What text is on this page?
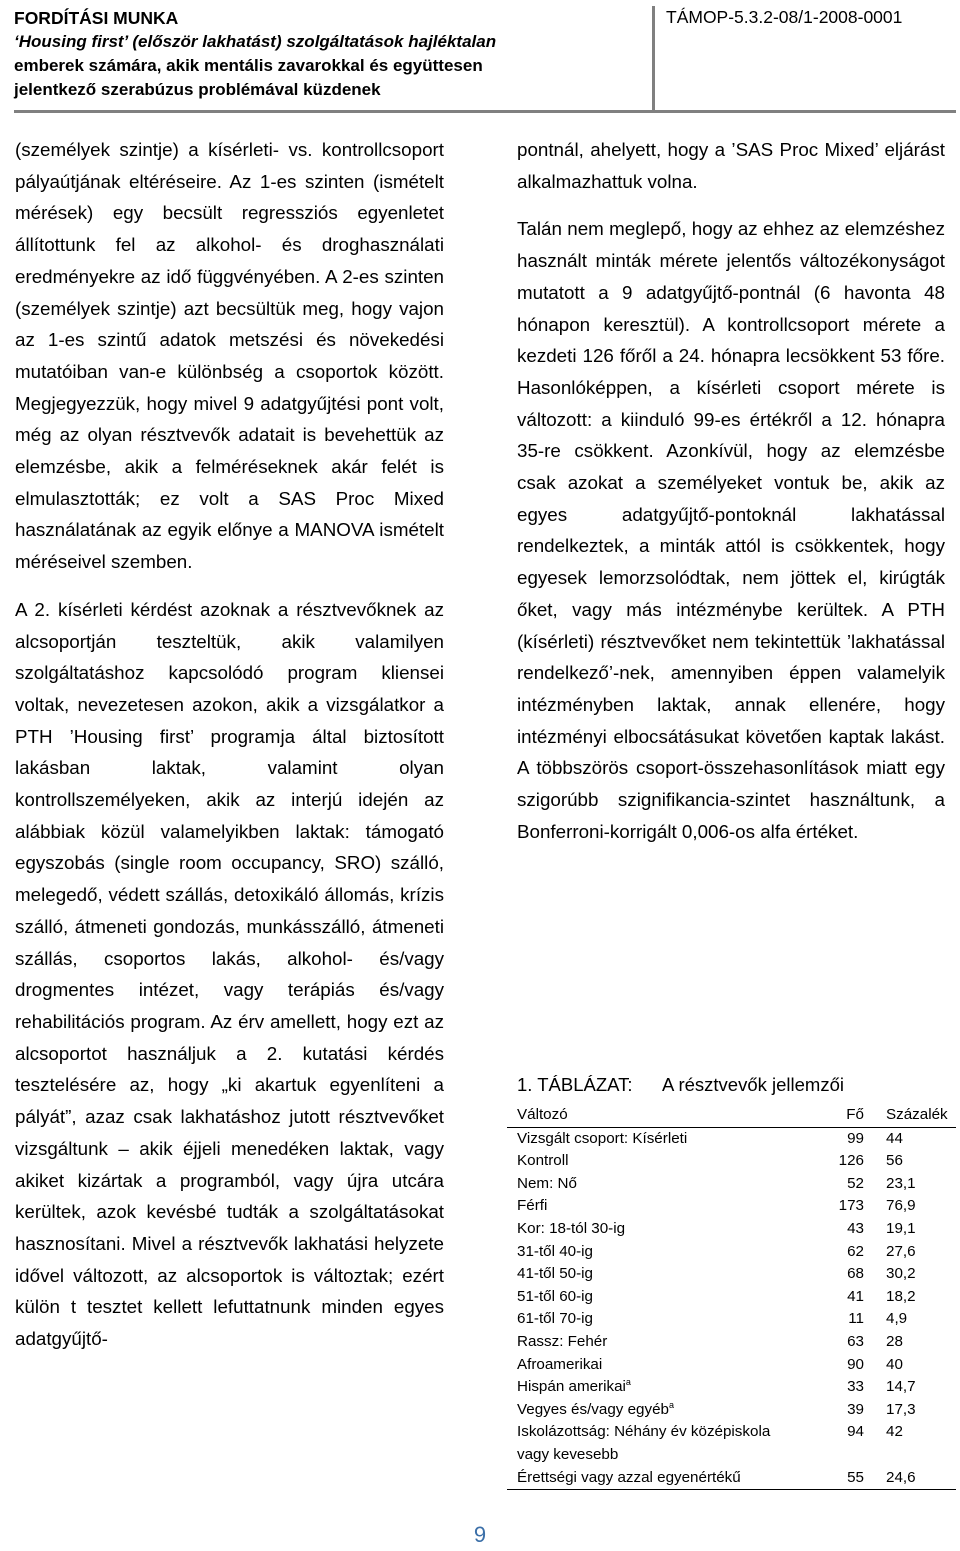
FORDÍTÁSI MUNKA
‘Housing first’ (először lakhatást) szolgáltatások hajléktalan
emberek számára, akik mentális zavarokkal és együttesen
jelentkező szerabúzus problémával küzdenek
TÁMOP-5.3.2-08/1-2008-0001

(személyek szintje) a kísérleti- vs. kontrollcsoport pályaútjának eltéréseire. Az 1-es szinten (ismételt mérések) egy becsült regressziós egyenletet állítottunk fel az alkohol- és droghasználati eredményekre az idő függvényében. A 2-es szinten (személyek szintje) azt becsültük meg, hogy vajon az 1-es szintű adatok metszési és növekedési mutatóiban van-e különbség a csoportok között. Megjegyezzük, hogy mivel 9 adatgyűjtési pont volt, még az olyan résztvevők adatait is bevehettük az elemzésbe, akik a felméréseknek akár felét is elmulasztották; ez volt a SAS Proc Mixed használatának az egyik előnye a MANOVA ismételt méréseivel szemben.

A 2. kísérleti kérdést azoknak a résztvevőknek az alcsoportján teszteltük, akik valamilyen szolgáltatáshoz kapcsolódó program kliensei voltak, nevezetesen azokon, akik a vizsgálatkor a PTH ’Housing first’ programja által biztosított lakásban laktak, valamint olyan kontrollszemélyeken, akik az interjú idején az alábbiak közül valamelyikben laktak: támogató egyszobás (single room occupancy, SRO) szálló, melegedő, védett szállás, detoxikáló állomás, krízis szálló, átmeneti gondozás, munkásszálló, átmeneti szállás, csoportos lakás, alkohol- és/vagy drogmentes intézet, vagy terápiás és/vagy rehabilitációs program. Az érv amellett, hogy ezt az alcsoportot használjuk a 2. kutatási kérdés tesztelésére az, hogy „ki akartuk egyenlíteni a pályát”, azaz csak lakhatáshoz jutott résztvevőket vizsgáltunk – akik éjjeli menedéken laktak, vagy akiket kizártak a programból, vagy újra utcára kerültek, azok kevésbé tudták a szolgáltatásokat hasznosítani. Mivel a résztvevők lakhatási helyzete idővel változott, az alcsoportok is változtak; ezért külön t tesztet kellett lefuttatnunk minden egyes adatgyűjtő-

pontnál, ahelyett, hogy a ’SAS Proc Mixed’ eljárást alkalmazhattuk volna.

Talán nem meglepő, hogy az ehhez az elemzéshez használt minták mérete jelentős változékonyságot mutatott a 9 adatgyűjtő-pontnál (6 havonta 48 hónapon keresztül). A kontrollcsoport mérete a kezdeti 126 főről a 24. hónapra lecsökkent 53 főre. Hasonlóképpen, a kísérleti csoport mérete is változott: a kiinduló 99-es értékről a 12. hónapra 35-re csökkent. Azonkívül, hogy az elemzésbe csak azokat a személyeket vontuk be, akik az egyes adatgyűjtő-pontoknál lakhatással rendelkeztek, a minták attól is csökkentek, hogy egyesek lemorzsolódtak, nem jöttek el, kirúgták őket, vagy más intézménybe kerültek. A PTH (kísérleti) résztvevőket nem tekintettük ’lakhatással rendelkező’-nek, amennyiben éppen valamelyik intézményben laktak, annak ellenére, hogy intézményi elbocsátásukat követően kaptak lakást. A többszörös csoport-összehasonlítások miatt egy szigorúbb szignifikancia-szintet használtunk, a Bonferroni-korrigált 0,006-os alfa értéket.

1. TÁBLÁZAT: A résztvevők jellemzői
Változó	Fő	Százalék
Vizsgált csoport: Kísérleti	99	44
Kontroll	126	56
Nem: Nő	52	23,1
Férfi	173	76,9
Kor: 18-tól 30-ig	43	19,1
31-től 40-ig	62	27,6
41-től 50-ig	68	30,2
51-től 60-ig	41	18,2
61-től 70-ig	11	4,9
Rassz: Fehér	63	28
Afroamerikai	90	40
Hispán amerikai$^a$	33	14,7
Vegyes és/vagy egyéb$^a$	39	17,3
Iskolázottság: Néhány év középiskola vagy kevesebb	94	42
Érettségi vagy azzal egyenértékű	55	24,6
9
